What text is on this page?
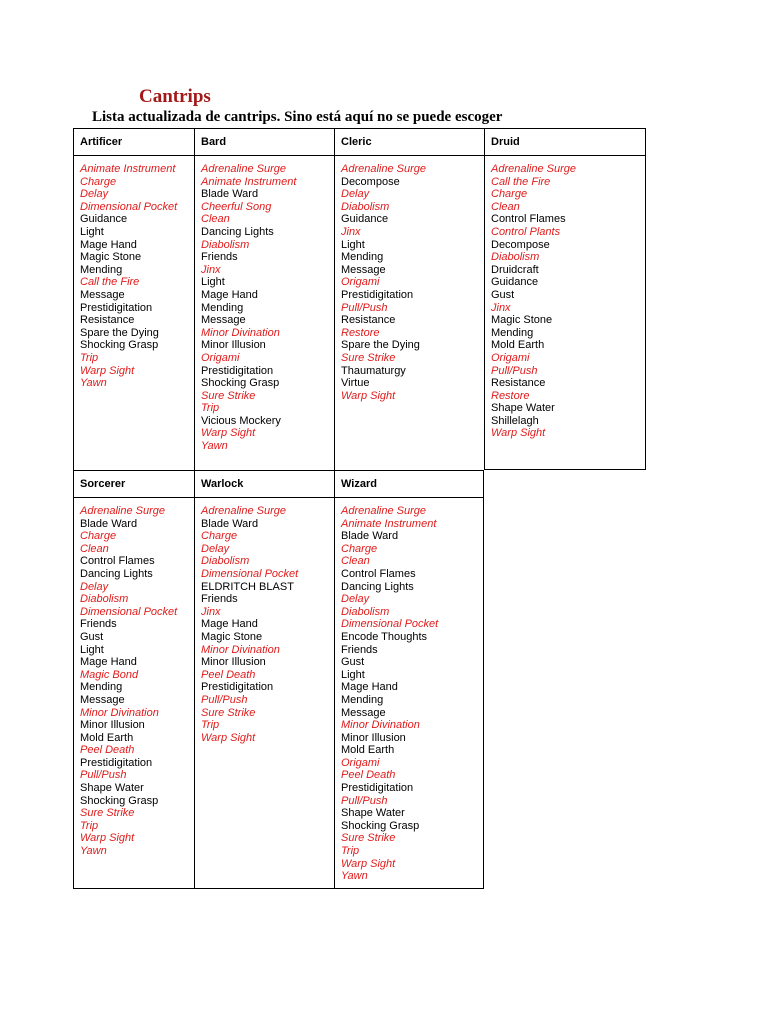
Cantrips
Lista actualizada de cantrips. Sino está aquí no se puede escoger
Artificer
Animate Instrument
Charge
Delay
Dimensional Pocket
Guidance
Light
Mage Hand
Magic Stone
Mending
Call the Fire
Message
Prestidigitation
Resistance
Spare the Dying
Shocking Grasp
Trip
Warp Sight
Yawn
Bard
Adrenaline Surge
Animate Instrument
Blade Ward
Cheerful Song
Clean
Dancing Lights
Diabolism
Friends
Jinx
Light
Mage Hand
Mending
Message
Minor Divination
Minor Illusion
Origami
Prestidigitation
Shocking Grasp
Sure Strike
Trip
Vicious Mockery
Warp Sight
Yawn
Cleric
Adrenaline Surge
Decompose
Delay
Diabolism
Guidance
Jinx
Light
Mending
Message
Origami
Prestidigitation
Pull/Push
Resistance
Restore
Spare the Dying
Sure Strike
Thaumaturgy
Virtue
Warp Sight
Druid
Adrenaline Surge
Call the Fire
Charge
Clean
Control Flames
Control Plants
Decompose
Diabolism
Druidcraft
Guidance
Gust
Jinx
Magic Stone
Mending
Mold Earth
Origami
Pull/Push
Resistance
Restore
Shape Water
Shillelagh
Warp Sight
Sorcerer
Adrenaline Surge
Blade Ward
Charge
Clean
Control Flames
Dancing Lights
Delay
Diabolism
Dimensional Pocket
Friends
Gust
Light
Mage Hand
Magic Bond
Mending
Message
Minor Divination
Minor Illusion
Mold Earth
Peel Death
Prestidigitation
Pull/Push
Shape Water
Shocking Grasp
Sure Strike
Trip
Warp Sight
Yawn
Warlock
Adrenaline Surge
Blade Ward
Charge
Delay
Diabolism
Dimensional Pocket
ELDRITCH BLAST
Friends
Jinx
Mage Hand
Magic Stone
Minor Divination
Minor Illusion
Peel Death
Prestidigitation
Pull/Push
Sure Strike
Trip
Warp Sight
Wizard
Adrenaline Surge
Animate Instrument
Blade Ward
Charge
Clean
Control Flames
Dancing Lights
Delay
Diabolism
Dimensional Pocket
Encode Thoughts
Friends
Gust
Light
Mage Hand
Mending
Message
Minor Divination
Minor Illusion
Mold Earth
Origami
Peel Death
Prestidigitation
Pull/Push
Shape Water
Shocking Grasp
Sure Strike
Trip
Warp Sight
Yawn
